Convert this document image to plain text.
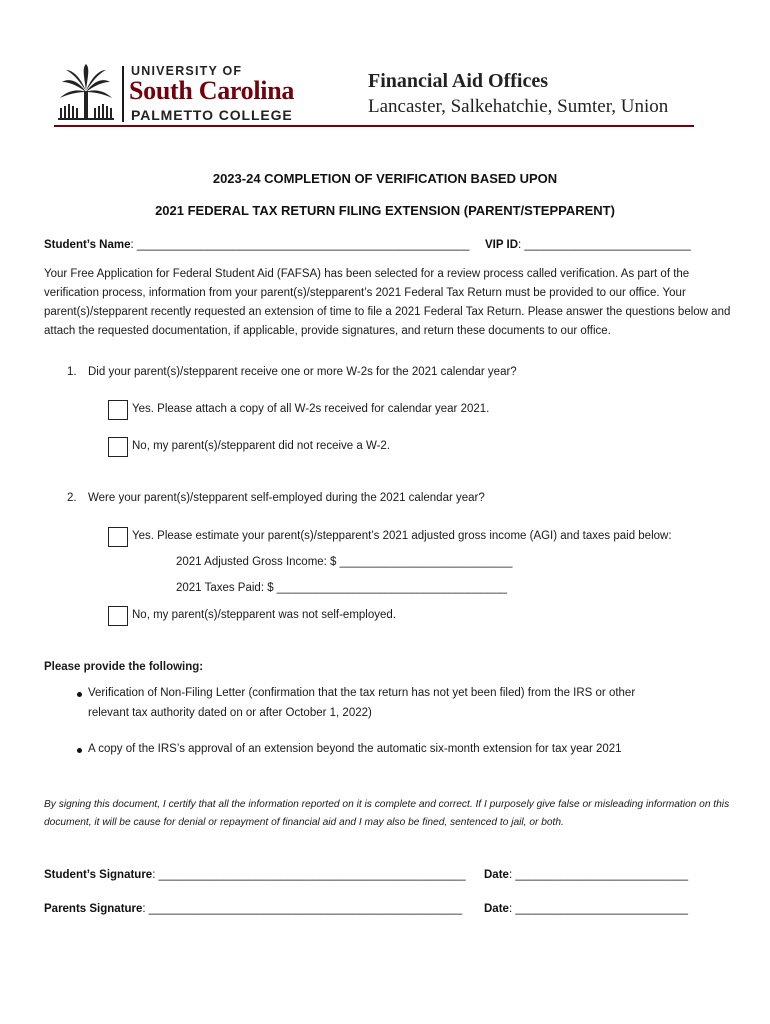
UNIVERSITY OF
South Carolina
PALMETTO COLLEGE
Financial Aid Offices
Lancaster, Salkehatchie, Sumter, Union
2023-24 COMPLETION OF VERIFICATION BASED UPON
2021 FEDERAL TAX RETURN FILING EXTENSION (PARENT/STEPPARENT)
Student’s Name: ____________________________________________________ VIP ID: __________________________
Your Free Application for Federal Student Aid (FAFSA) has been selected for a review process called verification. As part of the verification process, information from your parent(s)/stepparent’s 2021 Federal Tax Return must be provided to our office. Your parent(s)/stepparent recently requested an extension of time to file a 2021 Federal Tax Return. Please answer the questions below and attach the requested documentation, if applicable, provide signatures, and return these documents to our office.
1. Did your parent(s)/stepparent receive one or more W-2s for the 2021 calendar year?
Yes. Please attach a copy of all W-2s received for calendar year 2021.
No, my parent(s)/stepparent did not receive a W-2.
2. Were your parent(s)/stepparent self-employed during the 2021 calendar year?
Yes. Please estimate your parent(s)/stepparent’s 2021 adjusted gross income (AGI) and taxes paid below:
2021 Adjusted Gross Income: $ ___________________________
2021 Taxes Paid: $ ____________________________________
No, my parent(s)/stepparent was not self-employed.
Please provide the following:
Verification of Non-Filing Letter (confirmation that the tax return has not yet been filed) from the IRS or other
relevant tax authority dated on or after October 1, 2022)
A copy of the IRS’s approval of an extension beyond the automatic six-month extension for tax year 2021
By signing this document, I certify that all the information reported on it is complete and correct. If I purposely give false or misleading information on this document, it will be cause for denial or repayment of financial aid and I may also be fined, sentenced to jail, or both.
Student’s Signature: ________________________________________________ Date: ___________________________
Parents Signature: _________________________________________________ Date: ___________________________
